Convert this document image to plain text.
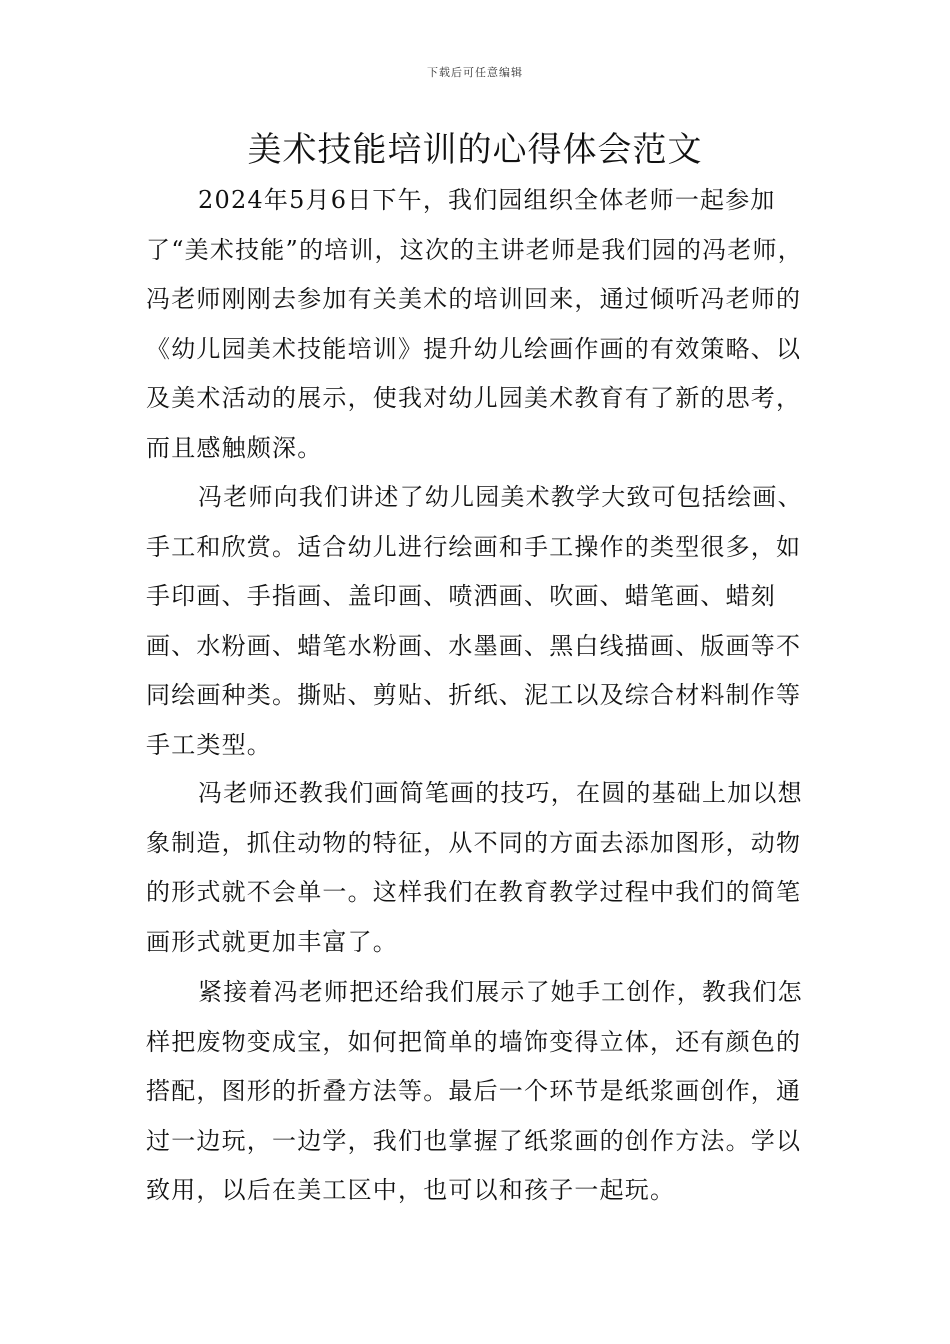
下载后可任意编辑
美术技能培训的心得体会范文

2024年5月6日下午，我们园组织全体老师一起参加了“美术技能”的培训，这次的主讲老师是我们园的冯老师，冯老师刚刚去参加有关美术的培训回来，通过倾听冯老师的《幼儿园美术技能培训》提升幼儿绘画作画的有效策略、以及美术活动的展示，使我对幼儿园美术教育有了新的思考，而且感触颇深。

冯老师向我们讲述了幼儿园美术教学大致可包括绘画、手工和欣赏。适合幼儿进行绘画和手工操作的类型很多，如手印画、手指画、盖印画、喷洒画、吹画、蜡笔画、蜡刻画、水粉画、蜡笔水粉画、水墨画、黑白线描画、版画等不同绘画种类。撕贴、剪贴、折纸、泥工以及综合材料制作等手工类型。

冯老师还教我们画简笔画的技巧，在圆的基础上加以想象制造，抓住动物的特征，从不同的方面去添加图形，动物的形式就不会单一。这样我们在教育教学过程中我们的简笔画形式就更加丰富了。

紧接着冯老师把还给我们展示了她手工创作，教我们怎样把废物变成宝，如何把简单的墙饰变得立体，还有颜色的搭配，图形的折叠方法等。最后一个环节是纸浆画创作，通过一边玩，一边学，我们也掌握了纸浆画的创作方法。学以致用，以后在美工区中，也可以和孩子一起玩。
